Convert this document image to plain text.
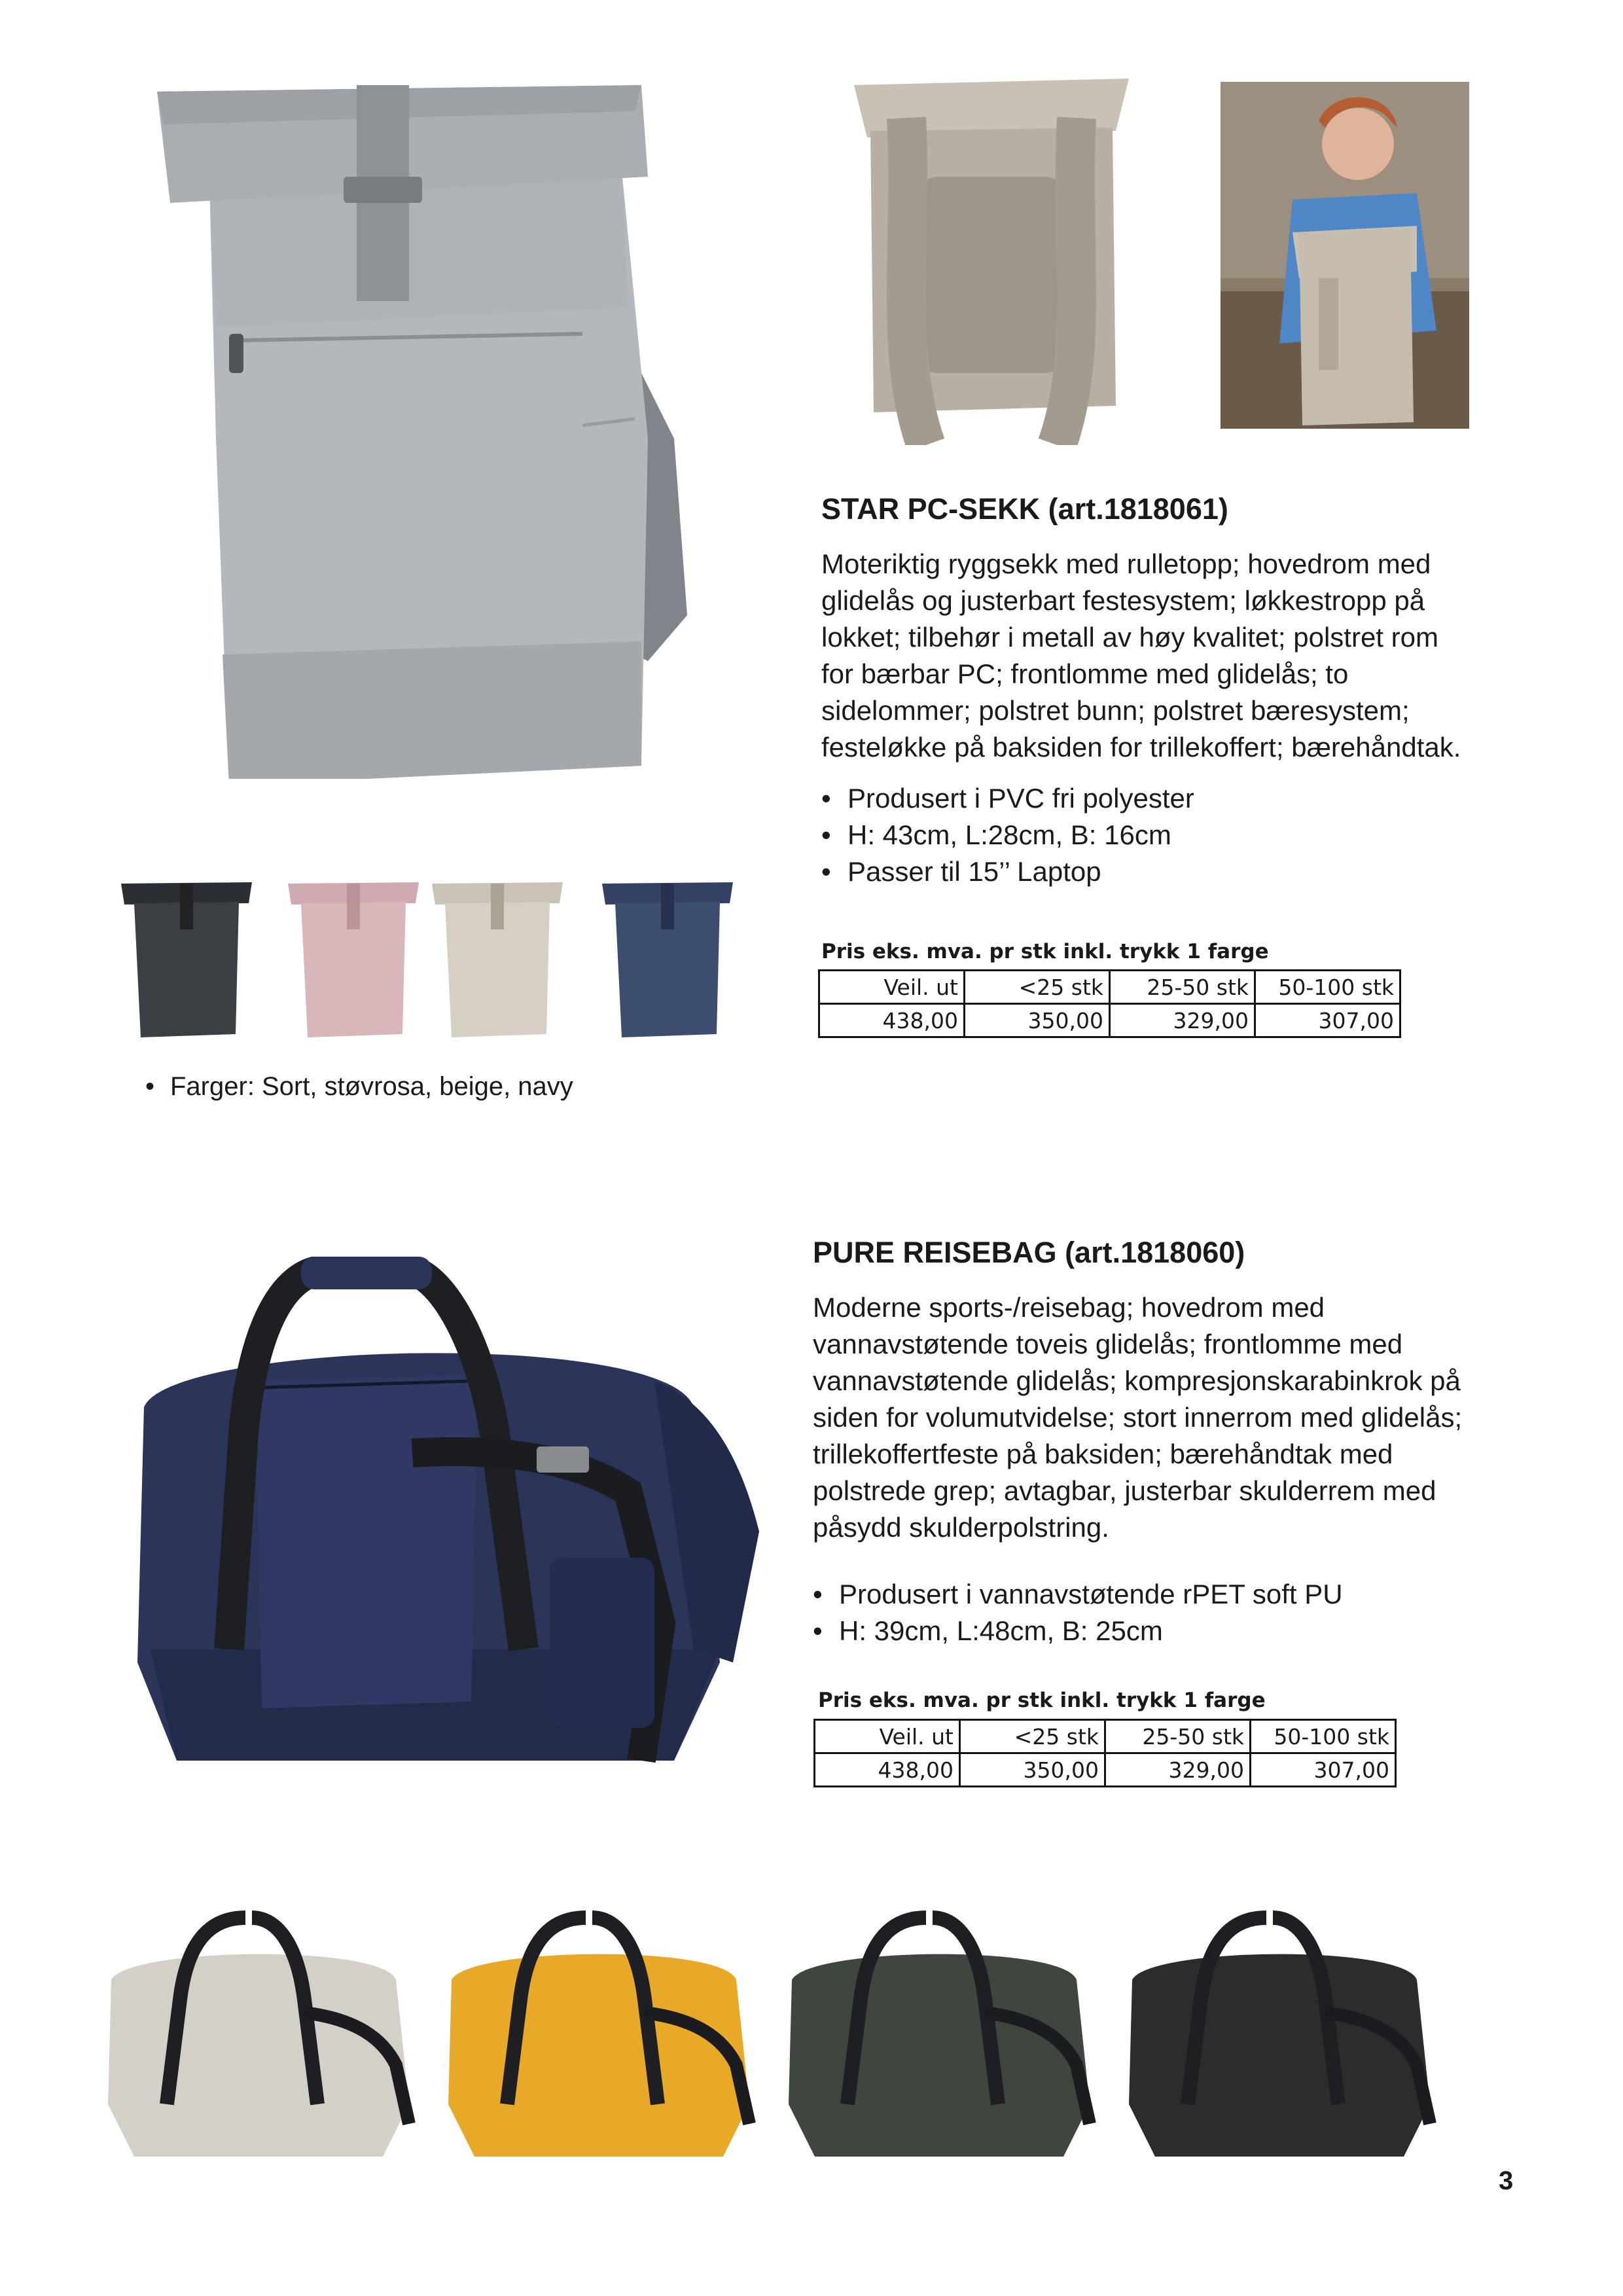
STAR PC-SEKK (art.1818061)
Moteriktig ryggsekk med rulletopp; hovedrom med
glidelås og justerbart festesystem; løkkestropp på
lokket; tilbehør i metall av høy kvalitet; polstret rom
for bærbar PC; frontlomme med glidelås; to
sidelommer; polstret bunn; polstret bæresystem;
festeløkke på baksiden for trillekoffert; bærehåndtak.
• Produsert i PVC fri polyester
• H: 43cm, L:28cm, B: 16cm
• Passer til 15’’ Laptop
• Farger: Sort, støvrosa, beige, navy
Pris eks. mva. pr stk inkl. trykk 1 farge
Veil. ut	<25 stk	25-50 stk	50-100 stk
438,00	350,00	329,00	307,00
PURE REISEBAG (art.1818060)
Moderne sports-/reisebag; hovedrom med
vannavstøtende toveis glidelås; frontlomme med
vannavstøtende glidelås; kompresjonskarabinkrok på
siden for volumutvidelse; stort innerrom med glidelås;
trillekoffertfeste på baksiden; bærehåndtak med
polstrede grep; avtagbar, justerbar skulderrem med
påsydd skulderpolstring.
• Produsert i vannavstøtende rPET soft PU
• H: 39cm, L:48cm, B: 25cm
Pris eks. mva. pr stk inkl. trykk 1 farge
Veil. ut	<25 stk	25-50 stk	50-100 stk
438,00	350,00	329,00	307,00
3
